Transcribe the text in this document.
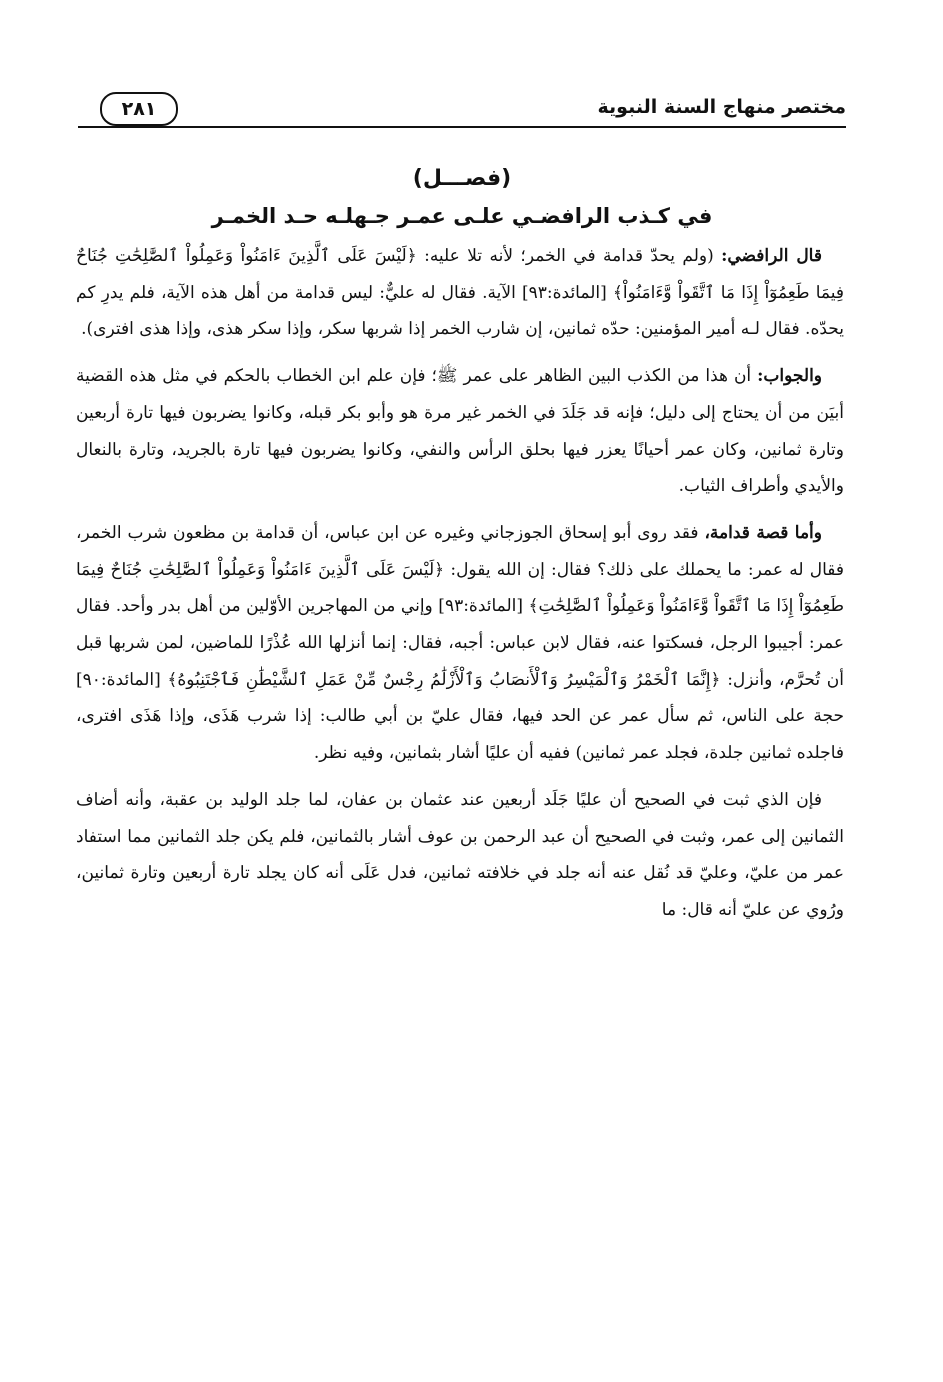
مختصر منهاج السنة النبوية
٢٨١
(فصـــل)
في كـذب الرافضـي علـى عمـر جـهلـه حـد الخمـر

قال الرافضي: (ولم يحدّ قدامة في الخمر؛ لأنه تلا عليه: ﴿لَيْسَ عَلَى ٱلَّذِينَ ءَامَنُواْ وَعَمِلُواْ ٱلصَّٰلِحَٰتِ جُنَاحٌ فِيمَا طَعِمُوٓاْ إِذَا مَا ٱتَّقَواْ وَّءَامَنُواْ﴾ [المائدة:٩٣] الآية. فقال له عليٌّ: ليس قدامة من أهل هذه الآية، فلم يدرِ كم يحدّه. فقال لـه أمير المؤمنين: حدّه ثمانين، إن شارب الخمر إذا شربها سكر، وإذا سكر هذى، وإذا هذى افترى).

والجواب: أن هذا من الكذب البين الظاهر على عمر ﷺ؛ فإن علم ابن الخطاب بالحكم في مثل هذه القضية أبيَن من أن يحتاج إلى دليل؛ فإنه قد جَلَدَ في الخمر غير مرة هو وأبو بكر قبله، وكانوا يضربون فيها تارة أربعين وتارة ثمانين، وكان عمر أحيانًا يعزر فيها بحلق الرأس والنفي، وكانوا يضربون فيها تارة بالجريد، وتارة بالنعال والأيدي وأطراف الثياب.

وأما قصة قدامة، فقد روى أبو إسحاق الجوزجاني وغيره عن ابن عباس، أن قدامة بن مظعون شرب الخمر، فقال له عمر: ما يحملك على ذلك؟ فقال: إن الله يقول: ﴿لَيْسَ عَلَى ٱلَّذِينَ ءَامَنُواْ وَعَمِلُواْ ٱلصَّٰلِحَٰتِ جُنَاحٌ فِيمَا طَعِمُوٓاْ إِذَا مَا ٱتَّقَواْ وَّءَامَنُواْ وَعَمِلُواْ ٱلصَّٰلِحَٰتِ﴾ [المائدة:٩٣] وإني من المهاجرين الأوّلين من أهل بدر وأحد. فقال عمر: أجيبوا الرجل، فسكتوا عنه، فقال لابن عباس: أجبه، فقال: إنما أنزلها الله عُذْرًا للماضين، لمن شربها قبل أن تُحرَّم، وأنزل: ﴿إِنَّمَا ٱلْخَمْرُ وَٱلْمَيْسِرُ وَٱلْأَنصَابُ وَٱلْأَزْلَٰمُ رِجْسٌ مِّنْ عَمَلِ ٱلشَّيْطَٰنِ فَٱجْتَنِبُوهُ﴾ [المائدة:٩٠] حجة على الناس، ثم سأل عمر عن الحد فيها، فقال عليّ بن أبي طالب: إذا شرب هَذَى، وإذا هَذَى افترى، فاجلده ثمانين جلدة، فجلد عمر ثمانين) ففيه أن عليًا أشار بثمانين، وفيه نظر.

فإن الذي ثبت في الصحيح أن عليًا جَلَد أربعين عند عثمان بن عفان، لما جلد الوليد بن عقبة، وأنه أضاف الثمانين إلى عمر، وثبت في الصحيح أن عبد الرحمن بن عوف أشار بالثمانين، فلم يكن جلد الثمانين مما استفاد عمر من عليّ، وعليّ قد نُقل عنه أنه جلد في خلافته ثمانين، فدل عَلَى أنه كان يجلد تارة أربعين وتارة ثمانين، ورُوي عن عليّ أنه قال: ما
